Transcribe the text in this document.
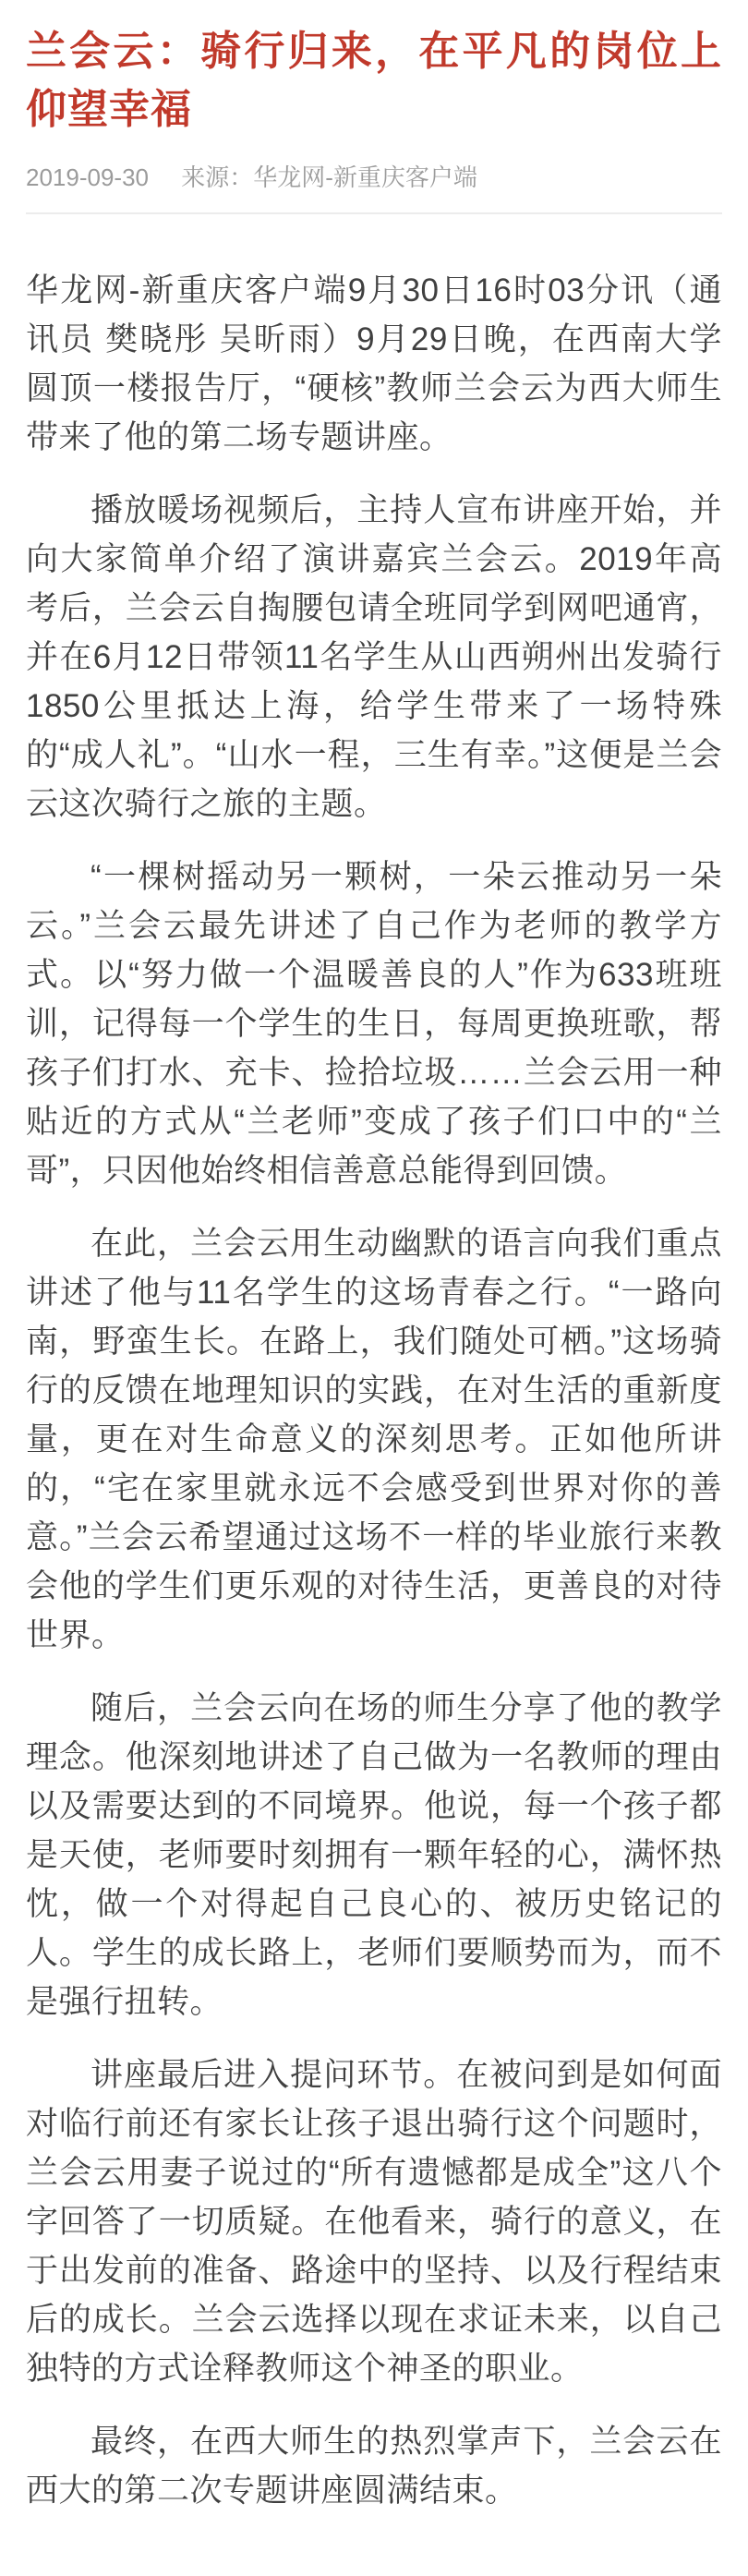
兰会云：骑行归来，在平凡的岗位上仰望幸福
2019-09-30 来源：华龙网-新重庆客户端

华龙网-新重庆客户端9月30日16时03分讯（通讯员 樊晓彤 吴昕雨）9月29日晚，在西南大学圆顶一楼报告厅，“硬核”教师兰会云为西大师生带来了他的第二场专题讲座。

播放暖场视频后，主持人宣布讲座开始，并向大家简单介绍了演讲嘉宾兰会云。2019年高考后，兰会云自掏腰包请全班同学到网吧通宵，并在6月12日带领11名学生从山西朔州出发骑行1850公里抵达上海，给学生带来了一场特殊的“成人礼”。“山水一程，三生有幸。”这便是兰会云这次骑行之旅的主题。

“一棵树摇动另一颗树，一朵云推动另一朵云。”兰会云最先讲述了自己作为老师的教学方式。以“努力做一个温暖善良的人”作为633班班训，记得每一个学生的生日，每周更换班歌，帮孩子们打水、充卡、捡拾垃圾……兰会云用一种贴近的方式从“兰老师”变成了孩子们口中的“兰哥”，只因他始终相信善意总能得到回馈。

在此，兰会云用生动幽默的语言向我们重点讲述了他与11名学生的这场青春之行。“一路向南，野蛮生长。在路上，我们随处可栖。”这场骑行的反馈在地理知识的实践，在对生活的重新度量，更在对生命意义的深刻思考。正如他所讲的，“宅在家里就永远不会感受到世界对你的善意。”兰会云希望通过这场不一样的毕业旅行来教会他的学生们更乐观的对待生活，更善良的对待世界。

随后，兰会云向在场的师生分享了他的教学理念。他深刻地讲述了自己做为一名教师的理由以及需要达到的不同境界。他说，每一个孩子都是天使，老师要时刻拥有一颗年轻的心，满怀热忱，做一个对得起自己良心的、被历史铭记的人。学生的成长路上，老师们要顺势而为，而不是强行扭转。

讲座最后进入提问环节。在被问到是如何面对临行前还有家长让孩子退出骑行这个问题时，兰会云用妻子说过的“所有遗憾都是成全”这八个字回答了一切质疑。在他看来，骑行的意义，在于出发前的准备、路途中的坚持、以及行程结束后的成长。兰会云选择以现在求证未来，以自己独特的方式诠释教师这个神圣的职业。

最终，在西大师生的热烈掌声下，兰会云在西大的第二次专题讲座圆满结束。
